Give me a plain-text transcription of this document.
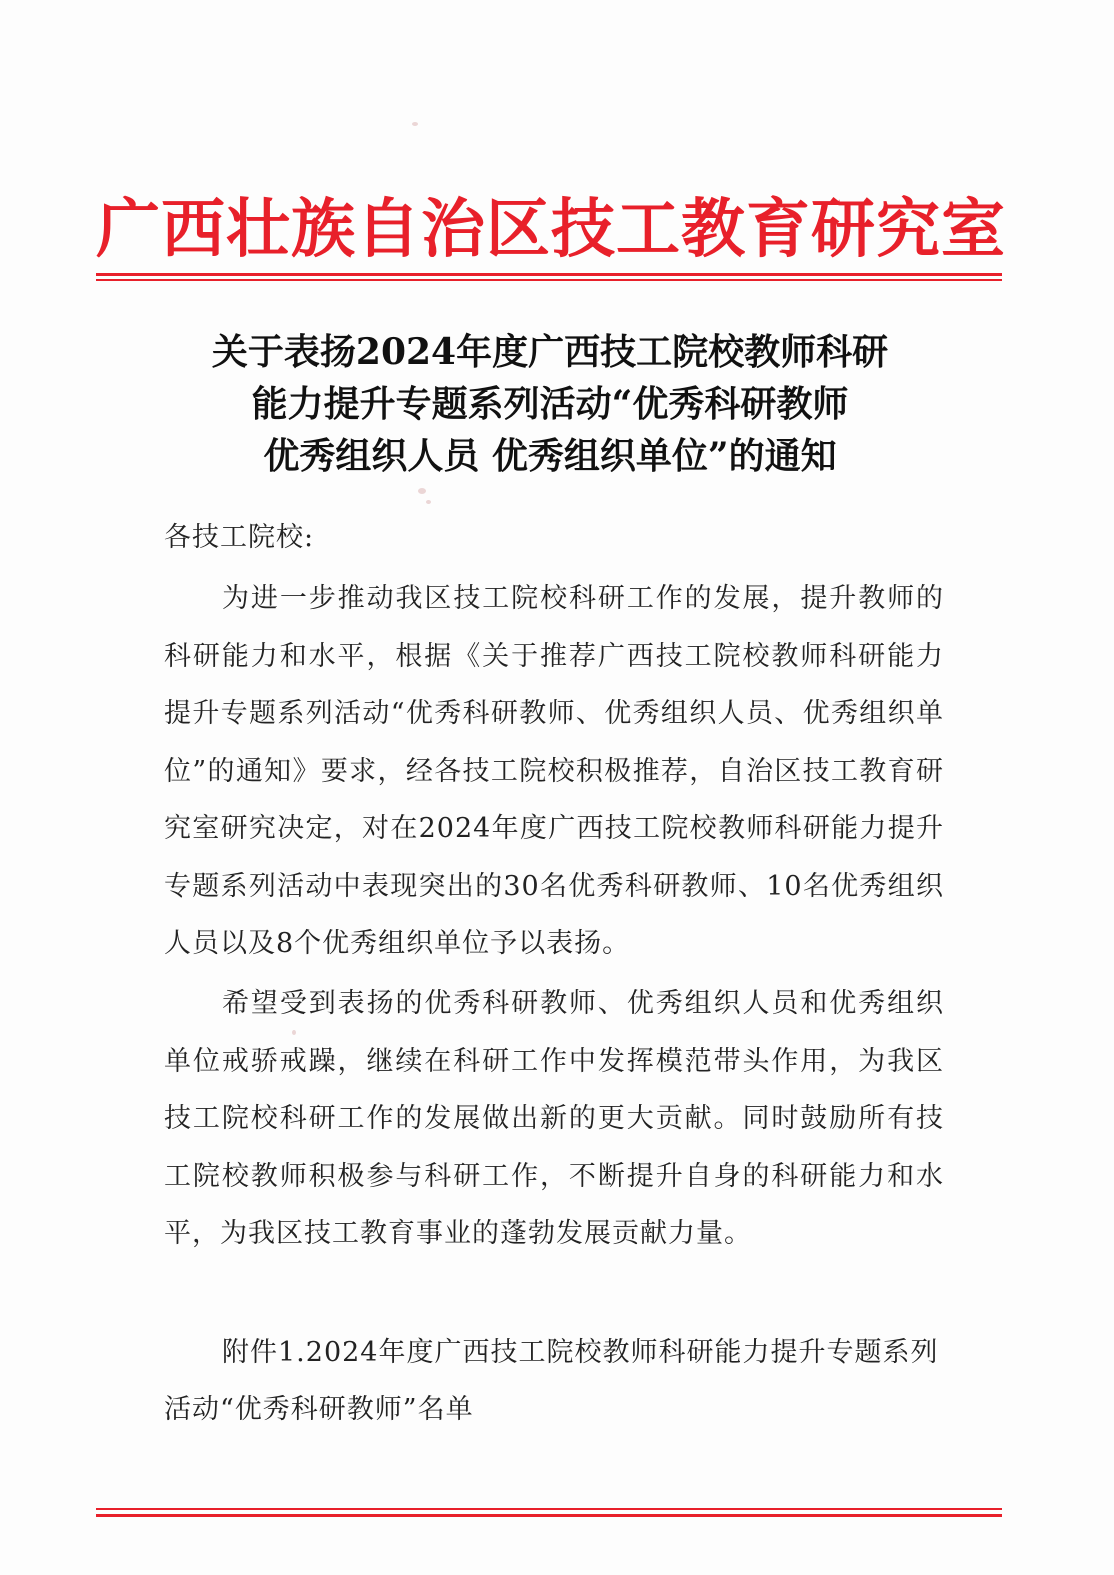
广西壮族自治区技工教育研究室
关于表扬2024年度广西技工院校教师科研
能力提升专题系列活动“优秀科研教师
优秀组织人员 优秀组织单位”的通知
各技工院校:
为进一步推动我区技工院校科研工作的发展，提升教师的科研能力和水平，根据《关于推荐广西技工院校教师科研能力提升专题系列活动“优秀科研教师、优秀组织人员、优秀组织单位”的通知》要求，经各技工院校积极推荐，自治区技工教育研究室研究决定，对在2024年度广西技工院校教师科研能力提升专题系列活动中表现突出的30名优秀科研教师、10名优秀组织人员以及8个优秀组织单位予以表扬。
希望受到表扬的优秀科研教师、优秀组织人员和优秀组织单位戒骄戒躁，继续在科研工作中发挥模范带头作用，为我区技工院校科研工作的发展做出新的更大贡献。同时鼓励所有技工院校教师积极参与科研工作，不断提升自身的科研能力和水平，为我区技工教育事业的蓬勃发展贡献力量。
附件1.2024年度广西技工院校教师科研能力提升专题系列活动“优秀科研教师”名单
